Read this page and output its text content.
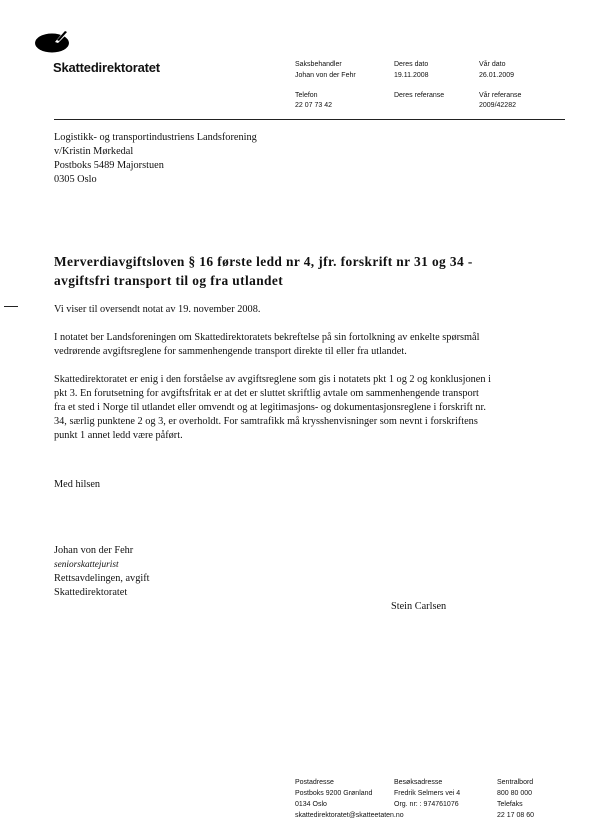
Skattedirektoratet	Saksbehandler
Johan von der Fehr
Telefon
22 07 73 42
Deres dato
19.11.2008
Deres referanse
Vår dato
26.01.2009
Vår referanse
2009/42282
Logistikk- og transportindustriens Landsforening
v/Kristin Mørkedal
Postboks 5489 Majorstuen
0305 Oslo
Merverdiavgiftsloven § 16 første ledd nr 4, jfr. forskrift nr 31 og 34 -
avgiftsfri transport til og fra utlandet
Vi viser til oversendt notat av 19. november 2008.
I notatet ber Landsforeningen om Skattedirektoratets bekreftelse på sin fortolkning av enkelte spørsmål
vedrørende avgiftsreglene for sammenhengende transport direkte til eller fra utlandet.
Skattedirektoratet er enig i den forståelse av avgiftsreglene som gis i notatets pkt 1 og 2 og konklusjonen i
pkt 3. En forutsetning for avgiftsfritak er at det er sluttet skriftlig avtale om sammenhengende transport
fra et sted i Norge til utlandet eller omvendt og at legitimasjons- og dokumentasjonsreglene i forskrift nr.
34, særlig punktene 2 og 3, er overholdt. For samtrafikk må krysshenvisninger som nevnt i forskriftens
punkt 1 annet ledd være påført.
Med hilsen
Johan von der Fehr
seniorskattejurist
Rettsavdelingen, avgift
Skattedirektoratet
Stein Carlsen
Postadresse
Postboks 9200 Grønland
0134 Oslo
skattedirektoratet@skatteetaten.no
Besøksadresse
Fredrik Selmers vei 4
Org. nr: : 974761076
Sentralbord
800 80 000
Telefaks
22 17 08 60
